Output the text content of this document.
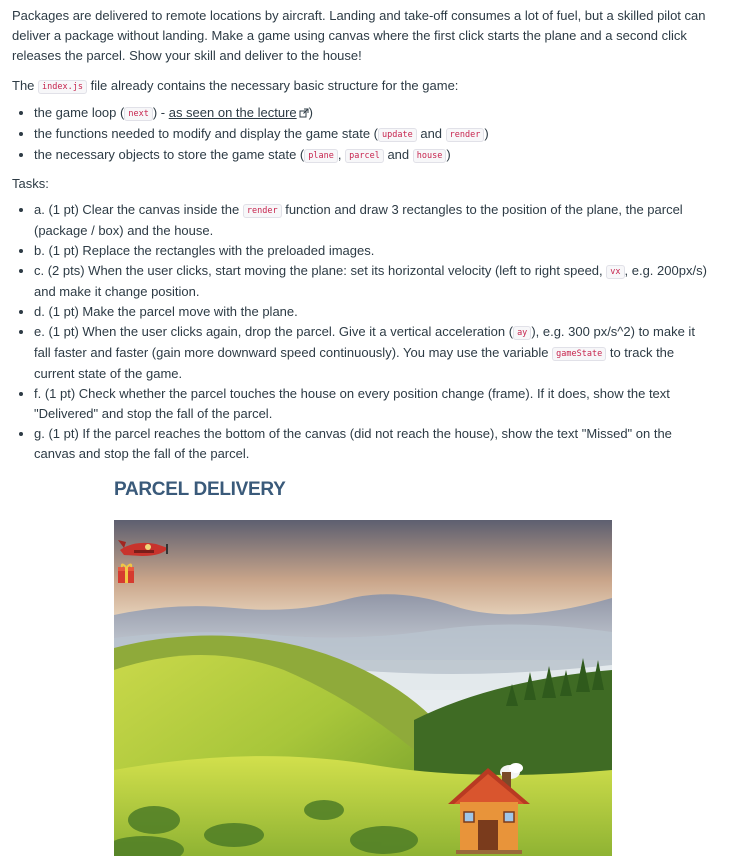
Packages are delivered to remote locations by aircraft. Landing and take-off consumes a lot of fuel, but a skilled pilot can deliver a package without landing. Make a game using canvas where the first click starts the plane and a second click releases the parcel. Show your skill and deliver to the house!

The index.js file already contains the necessary basic structure for the game:

• the game loop ( next ) - as seen on the lecture )
• the functions needed to modify and display the game state ( update and render )
• the necessary objects to store the game state ( plane , parcel and house )

Tasks:

• a. (1 pt) Clear the canvas inside the render function and draw 3 rectangles to the position of the plane, the parcel (package / box) and the house.
• b. (1 pt) Replace the rectangles with the preloaded images.
• c. (2 pts) When the user clicks, start moving the plane: set its horizontal velocity (left to right speed, vx , e.g. 200px/s) and make it change position.
• d. (1 pt) Make the parcel move with the plane.
• e. (1 pt) When the user clicks again, drop the parcel. Give it a vertical acceleration ( ay ), e.g. 300 px/s^2) to make it fall faster and faster (gain more downward speed continuously). You may use the variable gameState to track the current state of the game.
• f. (1 pt) Check whether the parcel touches the house on every position change (frame). If it does, show the text "Delivered" and stop the fall of the parcel.
• g. (1 pt) If the parcel reaches the bottom of the canvas (did not reach the house), show the text "Missed" on the canvas and stop the fall of the parcel.
PARCEL DELIVERY
